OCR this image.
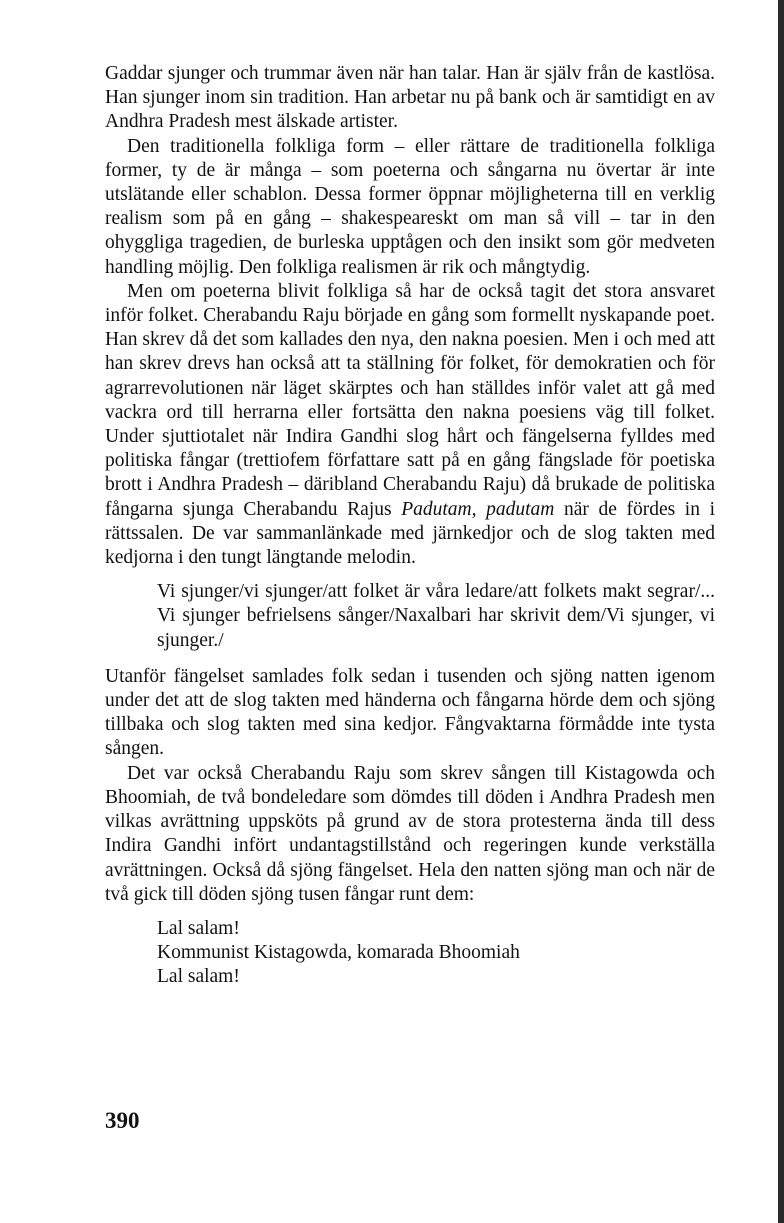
Gaddar sjunger och trummar även när han talar. Han är själv från de kastlösa. Han sjunger inom sin tradition. Han arbetar nu på bank och är samtidigt en av Andhra Pradesh mest älskade artister.

Den traditionella folkliga form – eller rättare de traditionella folkliga former, ty de är många – som poeterna och sångarna nu övertar är inte utslätande eller schablon. Dessa former öppnar möjligheterna till en verklig realism som på en gång – shakespeareskt om man så vill – tar in den ohyggliga tragedien, de burleska upptågen och den insikt som gör medveten handling möjlig. Den folkliga realismen är rik och mångtydig.

Men om poeterna blivit folkliga så har de också tagit det stora ansvaret inför folket. Cherabandu Raju började en gång som formellt nyskapande poet. Han skrev då det som kallades den nya, den nakna poesien. Men i och med att han skrev drevs han också att ta ställning för folket, för demokratien och för agrarrevolutionen när läget skärptes och han ställdes inför valet att gå med vackra ord till herrarna eller fortsätta den nakna poesiens väg till folket. Under sjuttiotalet när Indira Gandhi slog hårt och fängelserna fylldes med politiska fångar (trettiofem författare satt på en gång fängslade för poetiska brott i Andhra Pradesh – däribland Cherabandu Raju) då brukade de politiska fångarna sjunga Cherabandu Rajus Padutam, padutam när de fördes in i rättssalen. De var sammanlänkade med järnkedjor och de slog takten med kedjorna i den tungt längtande melodin.

Vi sjunger/vi sjunger/att folket är våra ledare/att folkets makt segrar/... Vi sjunger befrielsens sånger/Naxalbari har skrivit dem/Vi sjunger, vi sjunger./

Utanför fängelset samlades folk sedan i tusenden och sjöng natten igenom under det att de slog takten med händerna och fångarna hörde dem och sjöng tillbaka och slog takten med sina kedjor. Fångvaktarna förmådde inte tysta sången.

Det var också Cherabandu Raju som skrev sången till Kistagowda och Bhoomiah, de två bondeledare som dömdes till döden i Andhra Pradesh men vilkas avrättning uppsköts på grund av de stora protesterna ända till dess Indira Gandhi infört undantagstillstånd och regeringen kunde verkställa avrättningen. Också då sjöng fängelset. Hela den natten sjöng man och när de två gick till döden sjöng tusen fångar runt dem:

Lal salam!
Kommunist Kistagowda, komarada Bhoomiah
Lal salam!
390
